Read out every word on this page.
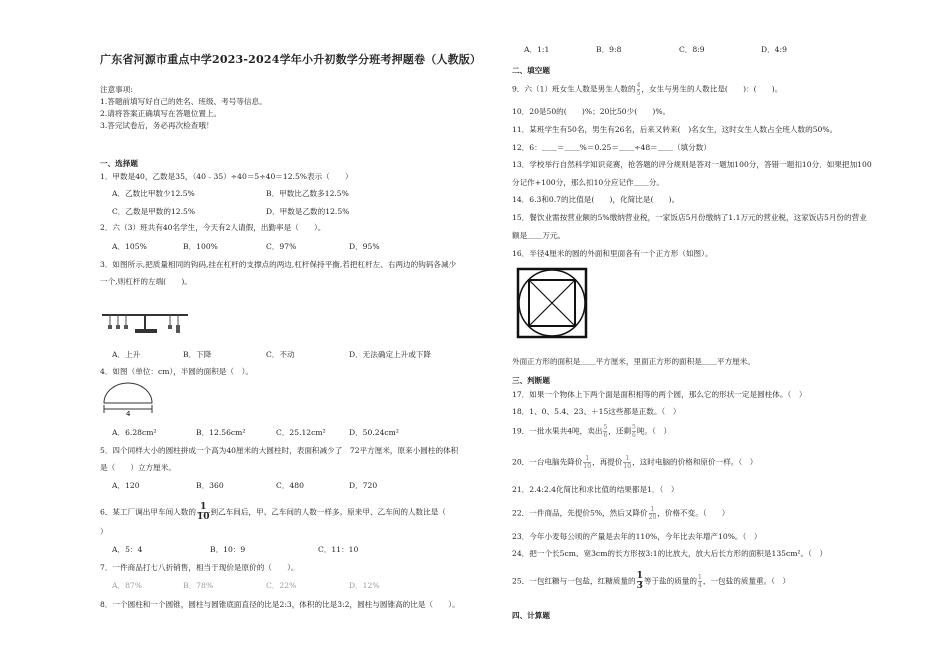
广东省河源市重点中学2023-2024学年小升初数学分班考押题卷（人教版）
注意事项:
1.答题前填写好自己的姓名、班级、考号等信息。
2.请将答案正确填写在答题位置上。
3.答完试卷后，务必再次检查哦！
一、选择题
1．甲数是40，乙数是35，（40﹣35）÷40＝5÷40＝12.5%表示（　　）
A．乙数比甲数少12.5%	B．甲数比乙数多12.5%
C．乙数是甲数的12.5%	D．甲数是乙数的12.5%
2．六（3）班共有40名学生，今天有2人请假，出勤率是（　　）。
A．105%	B．100%	C．97%	D．95%
3．如图所示,把质量相同的钩码,挂在杠杆的支撑点的两边,杠杆保持平衡,若把杠杆左、右两边的钩码各减少
一个,则杠杆的左端(　　)。
A．上升	B．下降	C．不动	D．无法确定上升或下降
4．如图（单位：cm），半圆的面积是（　）。
4
A．6.28cm²	B．12.56cm²	C．25.12cm²	D．50.24cm²
5．四个同样大小的圆柱拼成一个高为40厘米的大圆柱时，表面积减少了　72平方厘米，原来小圆柱的体积
是（　　）立方厘米。
A．120	B．360	C．480	D．720
6．某工厂调出甲车间人数的 $\frac{1}{10}$ 到乙车间后，甲、乙车间的人数一样多。原来甲、乙车间的人数比是（
）
A．5：4	B．10：9	C．11：10
7．一件商品打七八折销售，相当于现价是原价的（　　）。
A．87%	B．78%	C．22%	D．12%
8．一个圆柱和一个圆锥，圆柱与圆锥底面直径的比是2:3，体积的比是3:2，圆柱与圆锥高的比是（　　）。
A．1:1	B．9:8	C．8:9	D．4:9
二、填空题
9．六（1）班女生人数是男生人数的 $\frac{4}{5}$ ，女生与男生的人数比是(　　)：(　　)。
10．20是50的(　　)%；20比50少(　　)%。
11．某班学生有50名，男生有26名，后来又转来(　)名女生，这时女生人数占全班人数的50%。
12．6：＿＿＝＿＿%＝0.25＝＿＿÷48＝＿＿（填分数）
13．学校举行自然科学知识竞赛，抢答题的评分规则是答对一题加100分，答错一题扣10分．如果把加100
分记作+100分，那么扣10分应记作＿＿分。
14．6.3和0.7的比值是(　　)，化简比是(　　)。
15．餐饮业需按营业额的5%缴纳营业税，一家饭店5月份缴纳了1.1万元的营业税，这家饭店5月份的营业
额是＿＿万元。
16．半径4厘米的圆的外面和里面各有一个正方形（如图）。
外面正方形的面积是＿＿平方厘米，里面正方形的面积是＿＿平方厘米。
三、判断题
17．如果一个物体上下两个面是面积相等的两个圆，那么它的形状一定是圆柱体。（　）
18．1、0、5.4、23、＋15这些都是正数。（　）
19．一批水果共4吨，卖出 $\frac{5}{6}$ ，还剩 $\frac{5}{6}$ 吨。（　）
20．一台电脑先降价 $\frac{1}{10}$ ，再提价 $\frac{1}{10}$ ，这时电脑的价格和原价一样。（　）
21．2.4:2.4化简比和求比值的结果都是1．（　）
22．一件商品，先提价5%，然后又降价 $\frac{1}{20}$ ，价格不变。（　　）
23．今年小麦每公顷的产量是去年的110%，今年比去年增产10%。（　）
24．把一个长5cm、宽3cm的长方形按3:1的比放大，放大后长方形的面积是135cm²。（　）
25．一包红糖与一包盐，红糖质量的 $\frac{1}{3}$ 等于盐的质量的 $\frac{1}{4}$ ，一包盐的质量重。（　）
四、计算题
